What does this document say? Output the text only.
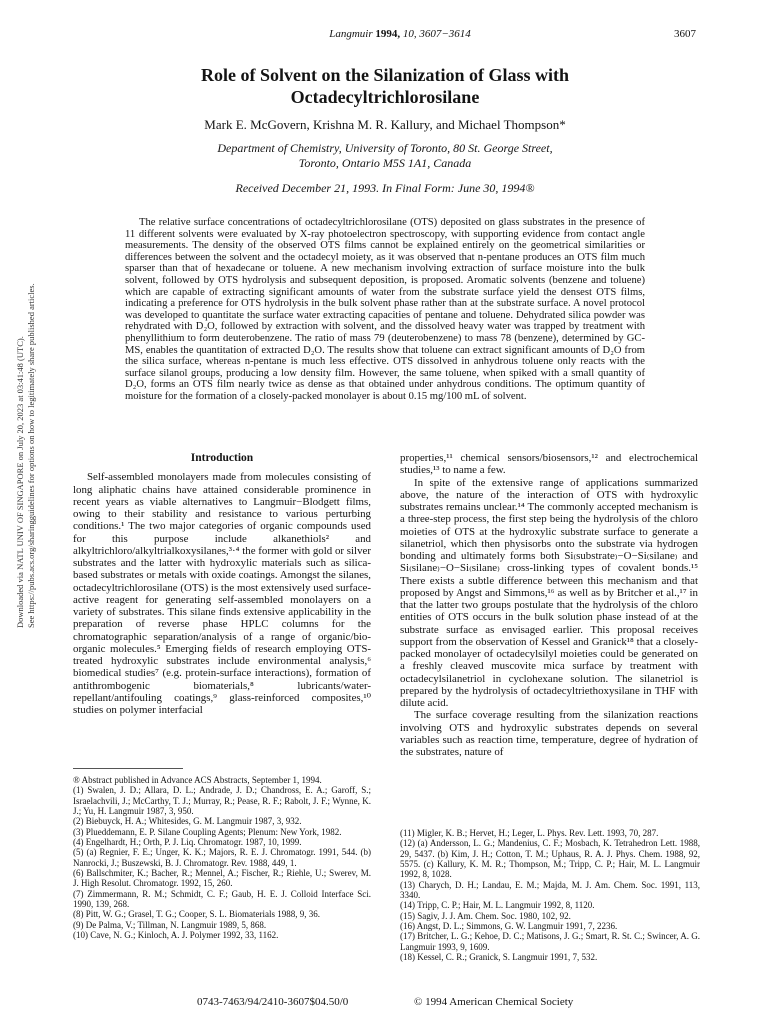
Downloaded via NATL UNIV OF SINGAPORE on July 20, 2023 at 03:41:48 (UTC). See https://pubs.acs.org/sharingguidelines for options on how to legitimately share published articles.
Langmuir 1994, 10, 3607−3614	3607
Role of Solvent on the Silanization of Glass with
Octadecyltrichlorosilane
Mark E. McGovern, Krishna M. R. Kallury, and Michael Thompson*
Department of Chemistry, University of Toronto, 80 St. George Street,
Toronto, Ontario M5S 1A1, Canada
Received December 21, 1993. In Final Form: June 30, 1994®
The relative surface concentrations of octadecyltrichlorosilane (OTS) deposited on glass substrates in the presence of 11 different solvents were evaluated by X-ray photoelectron spectroscopy, with supporting evidence from contact angle measurements. The density of the observed OTS films cannot be explained entirely on the geometrical similarities or differences between the solvent and the octadecyl moiety, as it was observed that n-pentane produces an OTS film much sparser than that of hexadecane or toluene. A new mechanism involving extraction of surface moisture into the bulk solvent, followed by OTS hydrolysis and subsequent deposition, is proposed. Aromatic solvents (benzene and toluene) which are capable of extracting significant amounts of water from the substrate surface yield the densest OTS films, indicating a preference for OTS hydrolysis in the bulk solvent phase rather than at the substrate surface. A novel protocol was developed to quantitate the surface water extracting capacities of pentane and toluene. Dehydrated silica powder was rehydrated with D₂O, followed by extraction with solvent, and the dissolved heavy water was trapped by treatment with phenyllithium to form deuterobenzene. The ratio of mass 79 (deuterobenzene) to mass 78 (benzene), determined by GC-MS, enables the quantitation of extracted D₂O. The results show that toluene can extract significant amounts of D₂O from the silica surface, whereas n-pentane is much less effective. OTS dissolved in anhydrous toluene only reacts with the surface silanol groups, producing a low density film. However, the same toluene, when spiked with a small quantity of D₂O, forms an OTS film nearly twice as dense as that obtained under anhydrous conditions. The optimum quantity of moisture for the formation of a closely-packed monolayer is about 0.15 mg/100 mL of solvent.
Introduction

Self-assembled monolayers made from molecules consisting of long aliphatic chains have attained considerable prominence in recent years as viable alternatives to Langmuir−Blodgett films, owing to their stability and resistance to various perturbing conditions.¹ The two major categories of organic compounds used for this purpose include alkanethiols² and alkyltrichloro/alkyltrialkoxysilanes,³·⁴ the former with gold or silver substrates and the latter with hydroxylic materials such as silica-based substrates or metals with oxide coatings. Amongst the silanes, octadecyltrichlorosilane (OTS) is the most extensively used surface-active reagent for generating self-assembled monolayers on a variety of substrates. This silane finds extensive applicability in the preparation of reverse phase HPLC columns for the chromatographic separation/analysis of a range of organic/bio-organic molecules.⁵ Emerging fields of research employing OTS-treated hydroxylic substrates include environmental analysis,⁶ biomedical studies⁷ (e.g. protein-surface interactions), formation of antithrombogenic biomaterials,⁸ lubricants/water-repellant/antifouling coatings,⁹ glass-reinforced composites,¹⁰ studies on polymer interfacial

® Abstract published in Advance ACS Abstracts, September 1, 1994.
(1) Swalen, J. D.; Allara, D. L.; Andrade, J. D.; Chandross, E. A.; Garoff, S.; Israelachvili, J.; McCarthy, T. J.; Murray, R.; Pease, R. F.; Rabolt, J. F.; Wynne, K. J.; Yu, H. Langmuir 1987, 3, 950.
(2) Biebuyck, H. A.; Whitesides, G. M. Langmuir 1987, 3, 932.
(3) Plueddemann, E. P. Silane Coupling Agents; Plenum: New York, 1982.
(4) Engelhardt, H.; Orth, P. J. Liq. Chromatogr. 1987, 10, 1999.
(5) (a) Regnier, F. E.; Unger, K. K.; Majors, R. E. J. Chromatogr. 1991, 544. (b) Nanrocki, J.; Buszewski, B. J. Chromatogr. Rev. 1988, 449, 1.
(6) Ballschmiter, K.; Bacher, R.; Mennel, A.; Fischer, R.; Riehle, U.; Swerev, M. J. High Resolut. Chromatogr. 1992, 15, 260.
(7) Zimmermann, R. M.; Schmidt, C. F.; Gaub, H. E. J. Colloid Interface Sci. 1990, 139, 268.
(8) Pitt, W. G.; Grasel, T. G.; Cooper, S. L. Biomaterials 1988, 9, 36.
(9) De Palma, V.; Tillman, N. Langmuir 1989, 5, 868.
(10) Cave, N. G.; Kinloch, A. J. Polymer 1992, 33, 1162.

properties,¹¹ chemical sensors/biosensors,¹² and electrochemical studies,¹³ to name a few.

In spite of the extensive range of applications summarized above, the nature of the interaction of OTS with hydroxylic substrates remains unclear.¹⁴ The commonly accepted mechanism is a three-step process, the first step being the hydrolysis of the chloro moieties of OTS at the hydroxylic substrate surface to generate a silanetriol, which then physisorbs onto the substrate via hydrogen bonding and ultimately forms both Si₍substrate₎−O−Si₍silane₎ and Si₍silane₎−O−Si₍silane₎ cross-linking types of covalent bonds.¹⁵ There exists a subtle difference between this mechanism and that proposed by Angst and Simmons,¹⁶ as well as by Britcher et al.,¹⁷ in that the latter two groups postulate that the hydrolysis of the chloro entities of OTS occurs in the bulk solution phase instead of at the substrate surface as envisaged earlier. This proposal receives support from the observation of Kessel and Granick¹⁸ that a closely-packed monolayer of octadecylsilyl moieties could be generated on a freshly cleaved muscovite mica surface by treatment with octadecylsilanetriol in cyclohexane solution. The silanetriol is prepared by the hydrolysis of octadecyltriethoxysilane in THF with dilute acid.

The surface coverage resulting from the silanization reactions involving OTS and hydroxylic substrates depends on several variables such as reaction time, temperature, degree of hydration of the substrates, nature of

(11) Migler, K. B.; Hervet, H.; Leger, L. Phys. Rev. Lett. 1993, 70, 287.
(12) (a) Andersson, L. G.; Mandenius, C. F.; Mosbach, K. Tetrahedron Lett. 1988, 29, 5437. (b) Kim, J. H.; Cotton, T. M.; Uphaus, R. A. J. Phys. Chem. 1988, 92, 5575. (c) Kallury, K. M. R.; Thompson, M.; Tripp, C. P.; Hair, M. L. Langmuir 1992, 8, 1028.
(13) Charych, D. H.; Landau, E. M.; Majda, M. J. Am. Chem. Soc. 1991, 113, 3340.
(14) Tripp, C. P.; Hair, M. L. Langmuir 1992, 8, 1120.
(15) Sagiv, J. J. Am. Chem. Soc. 1980, 102, 92.
(16) Angst, D. L.; Simmons, G. W. Langmuir 1991, 7, 2236.
(17) Britcher, L. G.; Kehoe, D. C.; Matisons, J. G.; Smart, R. St. C.; Swincer, A. G. Langmuir 1993, 9, 1609.
(18) Kessel, C. R.; Granick, S. Langmuir 1991, 7, 532.
0743-7463/94/2410-3607$04.50/0	© 1994 American Chemical Society
